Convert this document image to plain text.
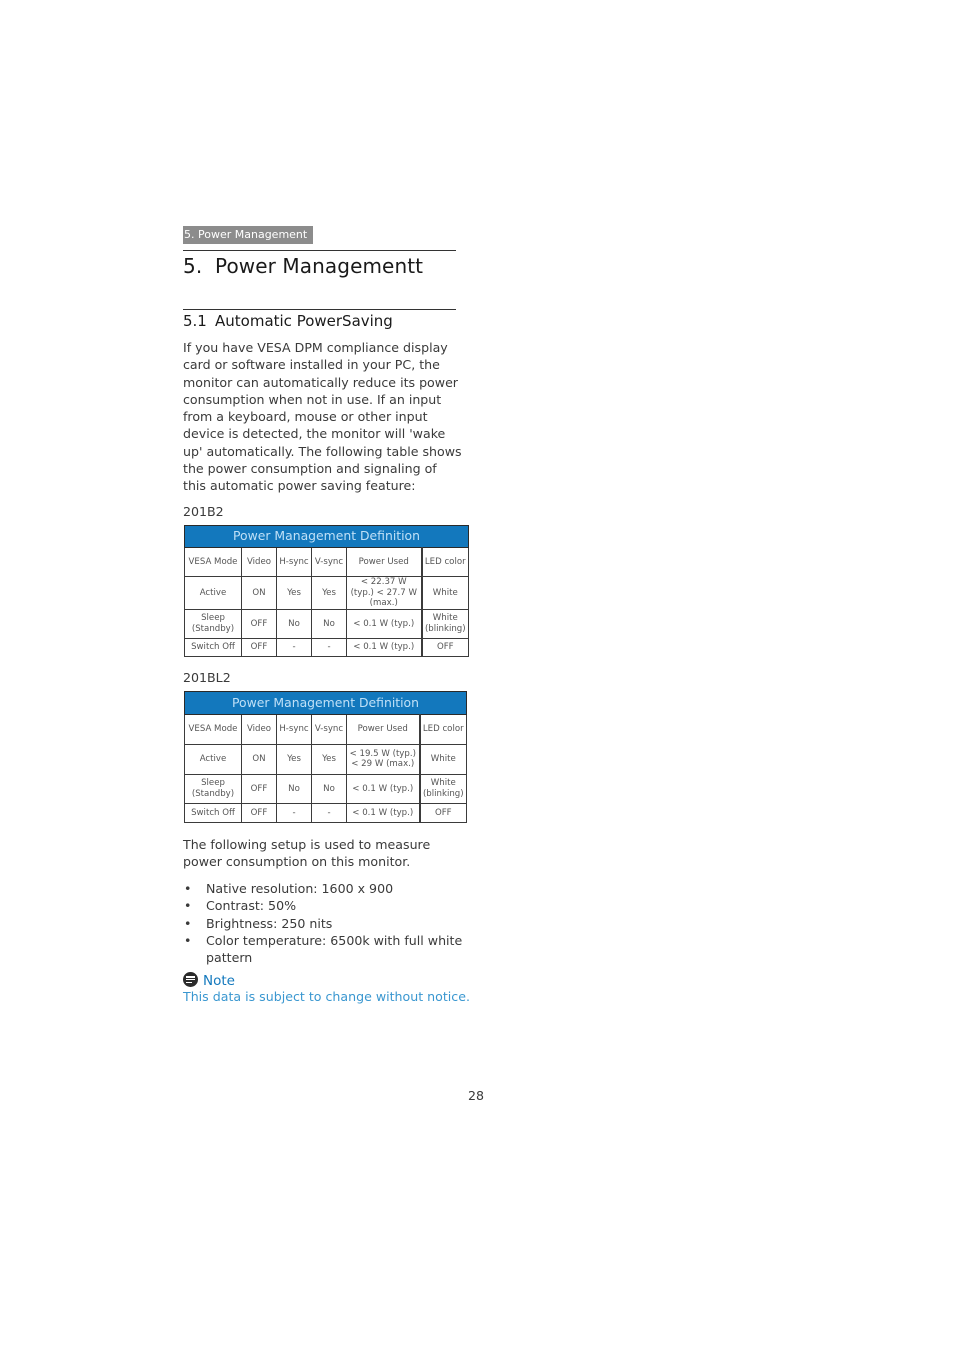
5. Power Management
5. Power Managementt
5.1 Automatic PowerSaving
If you have VESA DPM compliance display card or software installed in your PC, the monitor can automatically reduce its power consumption when not in use. If an input from a keyboard, mouse or other input device is detected, the monitor will 'wake up' automatically. The following table shows the power consumption and signaling of this automatic power saving feature:
201B2
Power Management Definition					
VESA Mode	Video	H-sync	V-sync	Power Used	LED color
Active	ON	Yes	Yes	< 22.37 W (typ.) < 27.7 W (max.)	White
Sleep (Standby)	OFF	No	No	< 0.1 W (typ.)	White (blinking)
Switch Off	OFF	-	-	< 0.1 W (typ.)	OFF
201BL2
Power Management Definition					
VESA Mode	Video	H-sync	V-sync	Power Used	LED color
Active	ON	Yes	Yes	< 19.5 W (typ.) < 29 W (max.)	White
Sleep (Standby)	OFF	No	No	< 0.1 W (typ.)	White (blinking)
Switch Off	OFF	-	-	< 0.1 W (typ.)	OFF
The following setup is used to measure power consumption on this monitor.
• Native resolution: 1600 x 900
• Contrast: 50%
• Brightness: 250 nits
• Color temperature: 6500k with full white pattern
Note
This data is subject to change without notice.
28
